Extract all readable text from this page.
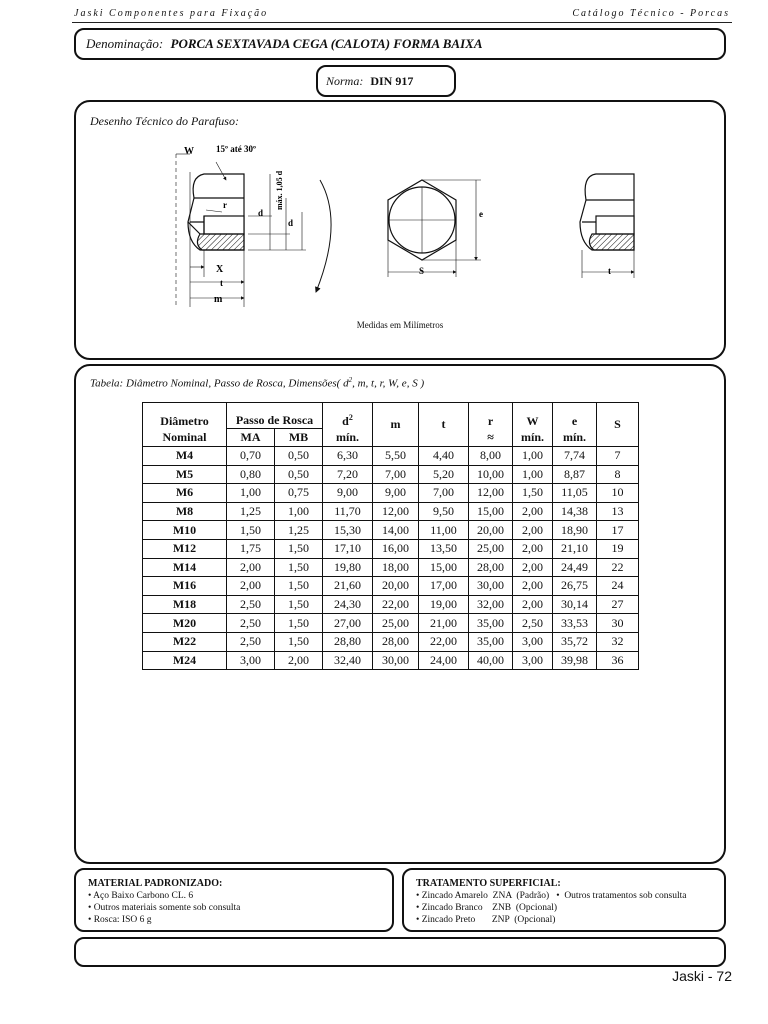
Jaski Componentes para Fixação	Catálogo Técnico - Porcas
Denominação: PORCA SEXTAVADA CEGA (CALOTA) FORMA BAIXA
Norma: DIN 917
Desenho Técnico do Parafuso:
W 15º até 30º
máx. 1,05 d
r
d
d
X
t
m
S
e
t
Medidas em Milímetros
Tabela: Diâmetro Nominal, Passo de Rosca, Dimensões( $d^2$, m, t, r, W, e, S )
Diâmetro	Passo de Rosca		$d^2$	m	t	r	W	e	S
Nominal	MA	MB	mín.			≈	mín.	mín.	
M4	0,70	0,50	6,30	5,50	4,40	8,00	1,00	7,74	7
M5	0,80	0,50	7,20	7,00	5,20	10,00	1,00	8,87	8
M6	1,00	0,75	9,00	9,00	7,00	12,00	1,50	11,05	10
M8	1,25	1,00	11,70	12,00	9,50	15,00	2,00	14,38	13
M10	1,50	1,25	15,30	14,00	11,00	20,00	2,00	18,90	17
M12	1,75	1,50	17,10	16,00	13,50	25,00	2,00	21,10	19
M14	2,00	1,50	19,80	18,00	15,00	28,00	2,00	24,49	22
M16	2,00	1,50	21,60	20,00	17,00	30,00	2,00	26,75	24
M18	2,50	1,50	24,30	22,00	19,00	32,00	2,00	30,14	27
M20	2,50	1,50	27,00	25,00	21,00	35,00	2,50	33,53	30
M22	2,50	1,50	28,80	28,00	22,00	35,00	3,00	35,72	32
M24	3,00	2,00	32,40	30,00	24,00	40,00	3,00	39,98	36
MATERIAL PADRONIZADO:
• Aço Baixo Carbono CL. 6
• Outros materiais somente sob consulta
• Rosca: ISO 6 g
TRATAMENTO SUPERFICIAL:
• Zincado Amarelo  ZNA  (Padrão)   •  Outros tratamentos sob consulta
• Zincado Branco    ZNB  (Opcional)
• Zincado Preto       ZNP  (Opcional)
Jaski - 72
